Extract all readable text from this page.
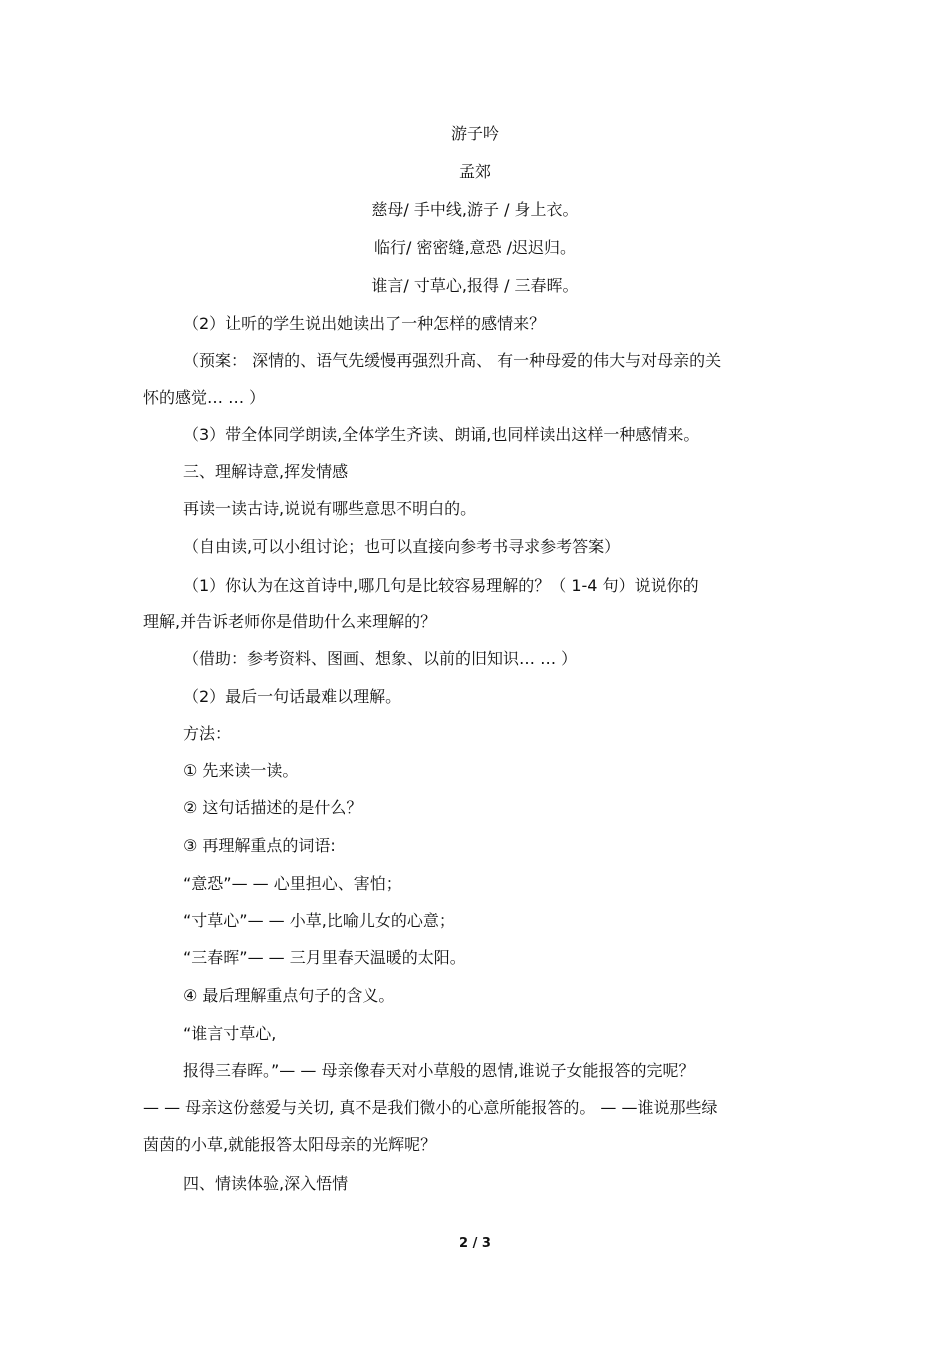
游子吟
孟郊
慈母/ 手中线,游子 / 身上衣。
临行/ 密密缝,意恐 /迟迟归。
谁言/ 寸草心,报得 / 三春晖。
（2）让听的学生说出她读出了一种怎样的感情来？
（预案： 深情的、语气先缓慢再强烈升高、 有一种母爱的伟大与对母亲的关
怀的感觉… … ）
（3）带全体同学朗读,全体学生齐读、朗诵,也同样读出这样一种感情来。
三、理解诗意,挥发情感
再读一读古诗,说说有哪些意思不明白的。
（自由读,可以小组讨论；也可以直接向参考书寻求参考答案）
（1）你认为在这首诗中,哪几句是比较容易理解的？（ 1-4 句）说说你的
理解,并告诉老师你是借助什么来理解的？
（借助：参考资料、图画、想象、以前的旧知识… … ）
（2）最后一句话最难以理解。
方法：
① 先来读一读。
② 这句话描述的是什么？
③ 再理解重点的词语:
“意恐”— — 心里担心、害怕；
“寸草心”— — 小草,比喻儿女的心意；
“三春晖”— — 三月里春天温暖的太阳。
④ 最后理解重点句子的含义。
“谁言寸草心,
报得三春晖。”— — 母亲像春天对小草般的恩情,谁说子女能报答的完呢？
— — 母亲这份慈爱与关切, 真不是我们微小的心意所能报答的。 — —谁说那些绿
茵茵的小草,就能报答太阳母亲的光辉呢？
四、情读体验,深入悟情
2 / 3
